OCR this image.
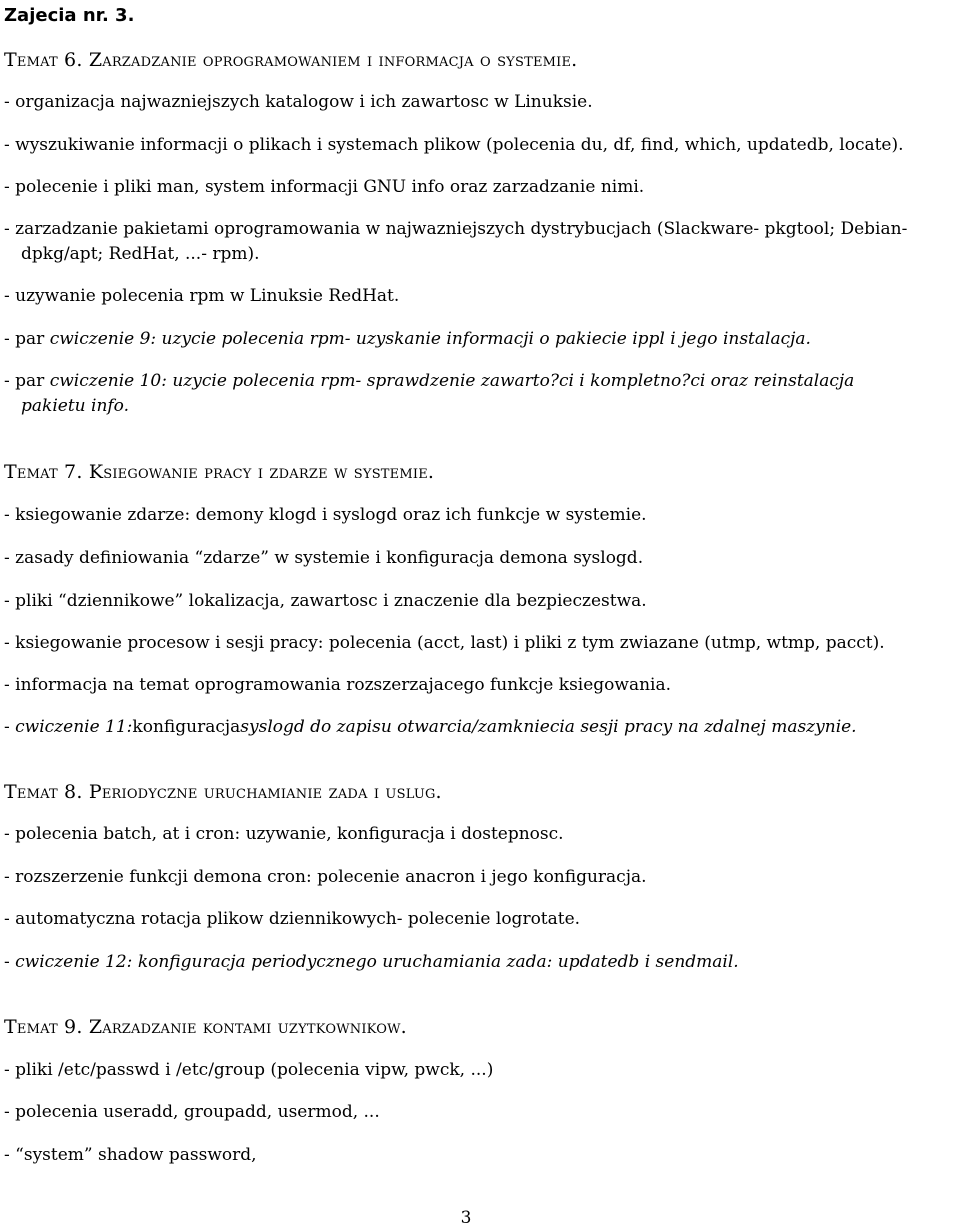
Zajecia nr. 3.
Temat 6. Zarzadzanie oprogramowaniem i informacja o systemie.
- organizacja najwazniejszych katalogow i ich zawartosc w Linuksie.
- wyszukiwanie informacji o plikach i systemach plikow (polecenia du, df, find, which, updatedb, locate).
- polecenie i pliki man, system informacji GNU info oraz zarzadzanie nimi.
- zarzadzanie pakietami oprogramowania w najwazniejszych dystrybucjach (Slackware- pkgtool; Debian-
dpkg/apt; RedHat, ...- rpm).
- uzywanie polecenia rpm w Linuksie RedHat.
- par cwiczenie 9: uzycie polecenia rpm- uzyskanie informacji o pakiecie ippl i jego instalacja.
- par cwiczenie 10: uzycie polecenia rpm- sprawdzenie zawarto?ci i kompletno?ci oraz reinstalacja
pakietu info.
Temat 7. Ksiegowanie pracy i zdarze w systemie.
- ksiegowanie zdarze: demony klogd i syslogd oraz ich funkcje w systemie.
- zasady definiowania “zdarze” w systemie i konfiguracja demona syslogd.
- pliki “dziennikowe” lokalizacja, zawartosc i znaczenie dla bezpieczestwa.
- ksiegowanie procesow i sesji pracy: polecenia (acct, last) i pliki z tym zwiazane (utmp, wtmp, pacct).
- informacja na temat oprogramowania rozszerzajacego funkcje ksiegowania.
- cwiczenie 11:konfiguracjasyslogd do zapisu otwarcia/zamkniecia sesji pracy na zdalnej maszynie.
Temat 8. Periodyczne uruchamianie zada i uslug.
- polecenia batch, at i cron: uzywanie, konfiguracja i dostepnosc.
- rozszerzenie funkcji demona cron: polecenie anacron i jego konfiguracja.
- automatyczna rotacja plikow dziennikowych- polecenie logrotate.
- cwiczenie 12: konfiguracja periodycznego uruchamiania zada: updatedb i sendmail.
Temat 9. Zarzadzanie kontami uzytkownikow.
- pliki /etc/passwd i /etc/group (polecenia vipw, pwck, ...)
- polecenia useradd, groupadd, usermod, ...
- “system” shadow password,
3
